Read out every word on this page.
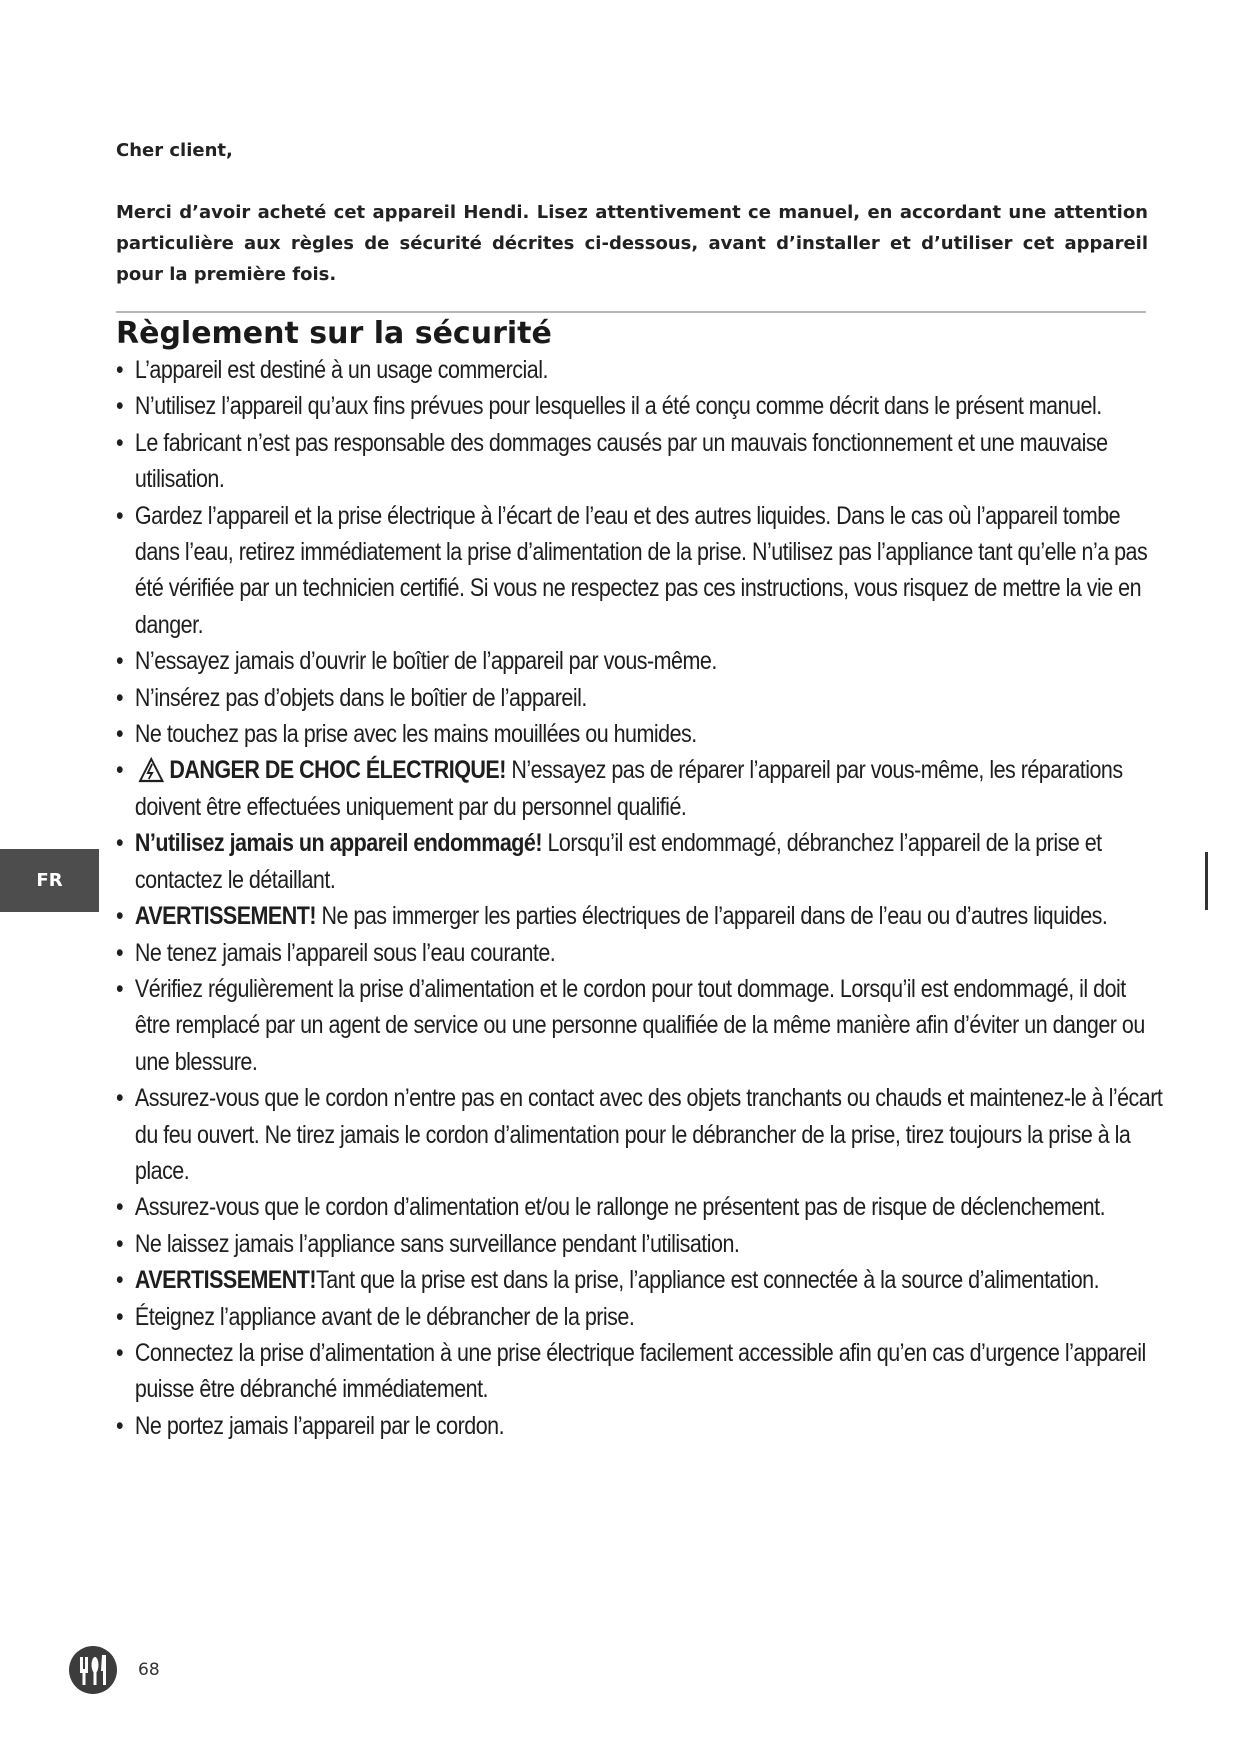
Cher client,
Merci d’avoir acheté cet appareil Hendi. Lisez attentivement ce manuel, en accordant une attention particulière aux règles de sécurité décrites ci-dessous, avant d’installer et d’utiliser cet appareil pour la première fois.
Règlement sur la sécurité
• L’appareil est destiné à un usage commercial.
• N’utilisez l’appareil qu’aux fins prévues pour lesquelles il a été conçu comme décrit dans le présent manuel.
• Le fabricant n’est pas responsable des dommages causés par un mauvais fonctionnement et une mauvaise utilisation.
• Gardez l’appareil et la prise électrique à l’écart de l’eau et des autres liquides. Dans le cas où l’appareil tombe dans l’eau, retirez immédiatement la prise d’alimentation de la prise. N’utilisez pas l’appliance tant qu’elle n’a pas été vérifiée par un technicien certifié. Si vous ne respectez pas ces instructions, vous risquez de mettre la vie en danger.
• N’essayez jamais d’ouvrir le boîtier de l’appareil par vous-même.
• N’insérez pas d’objets dans le boîtier de l’appareil.
• Ne touchez pas la prise avec les mains mouillées ou humides.
• DANGER DE CHOC ÉLECTRIQUE! N’essayez pas de réparer l’appareil par vous-même, les réparations doivent être effectuées uniquement par du personnel qualifié.
• N’utilisez jamais un appareil endommagé! Lorsqu’il est endommagé, débranchez l’appareil de la prise et contactez le détaillant.
• AVERTISSEMENT! Ne pas immerger les parties électriques de l’appareil dans de l’eau ou d’autres liquides.
• Ne tenez jamais l’appareil sous l’eau courante.
• Vérifiez régulièrement la prise d’alimentation et le cordon pour tout dommage. Lorsqu’il est endommagé, il doit être remplacé par un agent de service ou une personne qualifiée de la même manière afin d’éviter un danger ou une blessure.
• Assurez-vous que le cordon n’entre pas en contact avec des objets tranchants ou chauds et maintenez-le à l’écart du feu ouvert. Ne tirez jamais le cordon d’alimentation pour le débrancher de la prise, tirez toujours la prise à la place.
• Assurez-vous que le cordon d’alimentation et/ou le rallonge ne présentent pas de risque de déclenchement.
• Ne laissez jamais l’appliance sans surveillance pendant l’utilisation.
• AVERTISSEMENT!Tant que la prise est dans la prise, l’appliance est connectée à la source d’alimentation.
• Éteignez l’appliance avant de le débrancher de la prise.
• Connectez la prise d’alimentation à une prise électrique facilement accessible afin qu’en cas d’urgence l’appareil puisse être débranché immédiatement.
• Ne portez jamais l’appareil par le cordon.
FR
68
